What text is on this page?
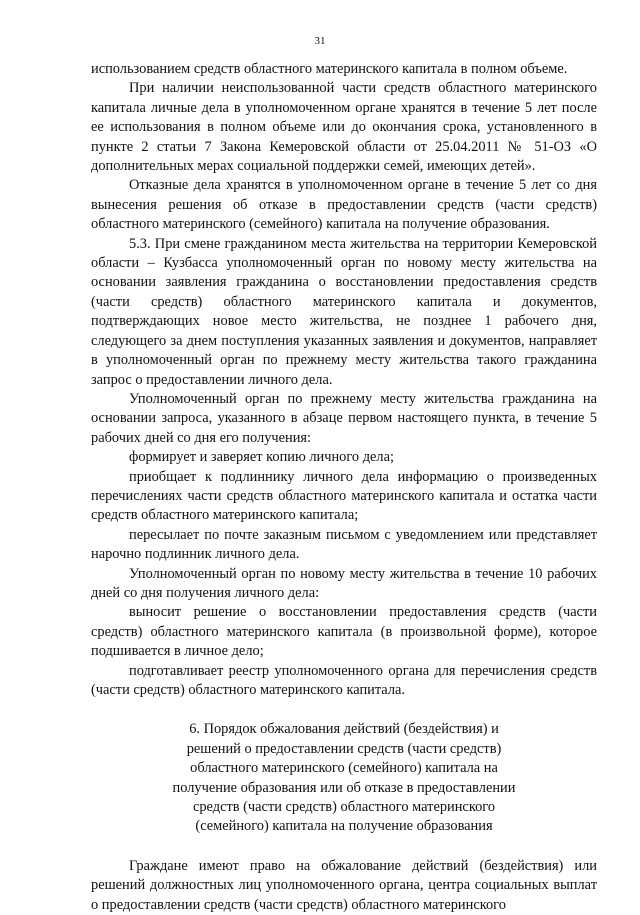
31

использованием средств областного материнского капитала в полном объеме.

При наличии неиспользованной части средств областного материнского капитала личные дела в уполномоченном органе хранятся в течение 5 лет после ее использования в полном объеме или до окончания срока, установленного в пункте 2 статьи 7 Закона Кемеровской области от 25.04.2011 № 51-ОЗ «О дополнительных мерах социальной поддержки семей, имеющих детей».

Отказные дела хранятся в уполномоченном органе в течение 5 лет со дня вынесения решения об отказе в предоставлении средств (части средств) областного материнского (семейного) капитала на получение образования.

5.3. При смене гражданином места жительства на территории Кемеровской области – Кузбасса уполномоченный орган по новому месту жительства на основании заявления гражданина о восстановлении предоставления средств (части средств) областного материнского капитала и документов, подтверждающих новое место жительства, не позднее 1 рабочего дня, следующего за днем поступления указанных заявления и документов, направляет в уполномоченный орган по прежнему месту жительства такого гражданина запрос о предоставлении личного дела.

Уполномоченный орган по прежнему месту жительства гражданина на основании запроса, указанного в абзаце первом настоящего пункта, в течение 5 рабочих дней со дня его получения:

формирует и заверяет копию личного дела;

приобщает к подлиннику личного дела информацию о произведенных перечислениях части средств областного материнского капитала и остатка части средств областного материнского капитала;

пересылает по почте заказным письмом с уведомлением или представляет нарочно подлинник личного дела.

Уполномоченный орган по новому месту жительства в течение 10 рабочих дней со дня получения личного дела:

выносит решение о восстановлении предоставления средств (части средств) областного материнского капитала (в произвольной форме), которое подшивается в личное дело;

подготавливает реестр уполномоченного органа для перечисления средств (части средств) областного материнского капитала.

6. Порядок обжалования действий (бездействия) и
решений о предоставлении средств (части средств)
областного материнского (семейного) капитала на
получение образования или об отказе в предоставлении
средств (части средств) областного материнского
(семейного) капитала на получение образования

Граждане имеют право на обжалование действий (бездействия) или решений должностных лиц уполномоченного органа, центра социальных выплат о предоставлении средств (части средств) областного материнского
